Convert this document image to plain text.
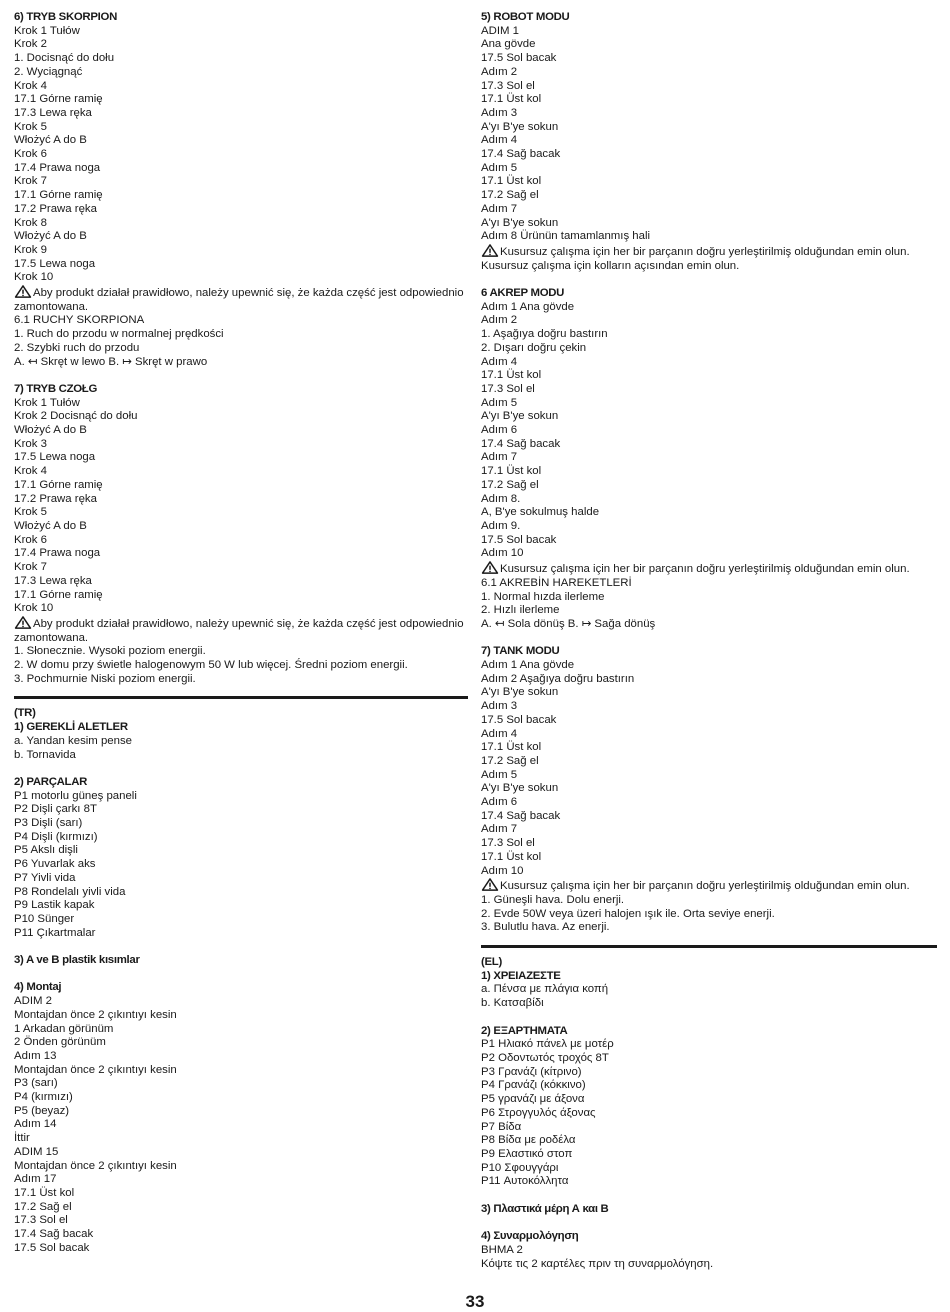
6) TRYB SKORPION
Krok 1 Tułów
Krok 2
1. Docisnąć do dołu
2. Wyciągnąć
Krok 4
17.1 Górne ramię
17.3 Lewa ręka
Krok 5
Włożyć A do B
Krok 6
17.4 Prawa noga
Krok 7
17.1 Górne ramię
17.2 Prawa ręka
Krok 8
Włożyć A do B
Krok 9
17.5 Lewa noga
Krok 10
Aby produkt działał prawidłowo, należy upewnić się, że każda część jest odpowiednio zamontowana.
6.1 RUCHY SKORPIONA
1. Ruch do przodu w normalnej prędkości
2. Szybki ruch do przodu
A. ↤ Skręt w lewo B. ↦ Skręt w prawo
7) TRYB CZOŁG
Krok 1 Tułów
Krok 2 Docisnąć do dołu
Włożyć A do B
Krok 3
17.5 Lewa noga
Krok 4
17.1 Górne ramię
17.2 Prawa ręka
Krok 5
Włożyć A do B
Krok 6
17.4 Prawa noga
Krok 7
17.3 Lewa ręka
17.1 Górne ramię
Krok 10
Aby produkt działał prawidłowo, należy upewnić się, że każda część jest odpowiednio zamontowana.
1. Słonecznie. Wysoki poziom energii.
2. W domu przy świetle halogenowym 50 W lub więcej. Średni poziom energii.
3. Pochmurnie Niski poziom energii.
(TR)
1) GEREKLİ ALETLER
a. Yandan kesim pense
b. Tornavida
2) PARÇALAR
P1 motorlu güneş paneli
P2 Dişli çarkı 8T
P3 Dişli (sarı)
P4 Dişli (kırmızı)
P5 Akslı dişli
P6 Yuvarlak aks
P7 Yivli vida
P8 Rondelalı yivli vida
P9 Lastik kapak
P10 Sünger
P11 Çıkartmalar
3) A ve B plastik kısımlar
4) Montaj
ADIM 2
Montajdan önce 2 çıkıntıyı kesin
1 Arkadan görünüm
2 Önden görünüm
Adım 13
Montajdan önce 2 çıkıntıyı kesin
P3 (sarı)
P4 (kırmızı)
P5 (beyaz)
Adım 14
İttir
ADIM 15
Montajdan önce 2 çıkıntıyı kesin
Adım 17
17.1 Üst kol
17.2 Sağ el
17.3 Sol el
17.4 Sağ bacak
17.5 Sol bacak
5) ROBOT MODU
ADIM 1
Ana gövde
17.5 Sol bacak
Adım 2
17.3 Sol el
17.1 Üst kol
Adım 3
A'yı B'ye sokun
Adım 4
17.4 Sağ bacak
Adım 5
17.1 Üst kol
17.2 Sağ el
Adım 7
A'yı B'ye sokun
Adım 8 Ürünün tamamlanmış hali
Kusursuz çalışma için her bir parçanın doğru yerleştirilmiş olduğundan emin olun.
Kusursuz çalışma için kolların açısından emin olun.
6 AKREP MODU
Adım 1 Ana gövde
Adım 2
1. Aşağıya doğru bastırın
2. Dışarı doğru çekin
Adım 4
17.1 Üst kol
17.3 Sol el
Adım 5
A'yı B'ye sokun
Adım 6
17.4 Sağ bacak
Adım 7
17.1 Üst kol
17.2 Sağ el
Adım 8.
A, B'ye sokulmuş halde
Adım 9.
17.5 Sol bacak
Adım 10
Kusursuz çalışma için her bir parçanın doğru yerleştirilmiş olduğundan emin olun.
6.1 AKREBİN HAREKETLERİ
1. Normal hızda ilerleme
2. Hızlı ilerleme
A. ↤ Sola dönüş B. ↦ Sağa dönüş
7) TANK MODU
Adım 1 Ana gövde
Adım 2 Aşağıya doğru bastırın
A'yı B'ye sokun
Adım 3
17.5 Sol bacak
Adım 4
17.1 Üst kol
17.2 Sağ el
Adım 5
A'yı B'ye sokun
Adım 6
17.4 Sağ bacak
Adım 7
17.3 Sol el
17.1 Üst kol
Adım 10
Kusursuz çalışma için her bir parçanın doğru yerleştirilmiş olduğundan emin olun.
1. Güneşli hava. Dolu enerji.
2. Evde 50W veya üzeri halojen ışık ile. Orta seviye enerji.
3. Bulutlu hava. Az enerji.
(EL)
1) ΧΡΕΙΑΖΕΣΤΕ
a. Πένσα με πλάγια κοπή
b. Κατσαβίδι
2) ΕΞΑΡΤΗΜΑΤΑ
P1 Ηλιακό πάνελ με μοτέρ
P2 Οδοντωτός τροχός 8T
P3 Γρανάζι (κίτρινο)
P4 Γρανάζι (κόκκινο)
P5 γρανάζι με άξονα
P6 Στρογγυλός άξονας
P7 Βίδα
P8 Βίδα με ροδέλα
P9 Ελαστικό στοπ
P10 Σφουγγάρι
P11 Αυτοκόλλητα
3) Πλαστικά μέρη Α και Β
4) Συναρμολόγηση
ΒΗΜΑ 2
Κόψτε τις 2 καρτέλες πριν τη συναρμολόγηση.
33
